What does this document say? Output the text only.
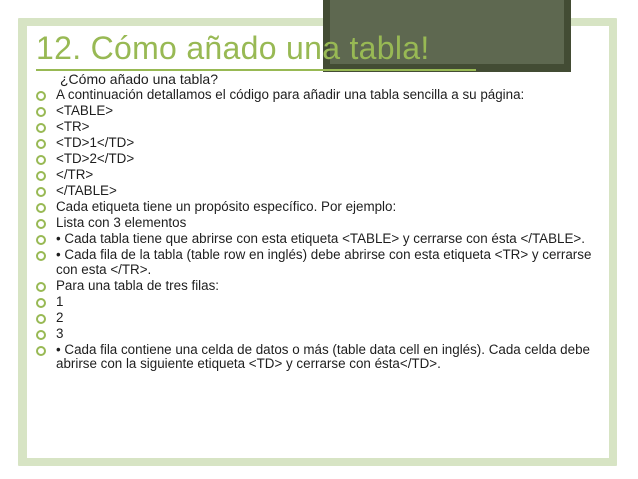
12. Cómo añado una tabla!

¿Cómo añado una tabla?

A continuación detallamos el código para añadir una tabla sencilla a su página:
<TABLE>
<TR>
<TD>1</TD>
<TD>2</TD>
</TR>
</TABLE>
Cada etiqueta tiene un propósito específico. Por ejemplo:
Lista con 3 elementos
• Cada tabla tiene que abrirse con esta etiqueta <TABLE> y cerrarse con ésta </TABLE>.
• Cada fila de la tabla (table row en inglés) debe abrirse con esta etiqueta <TR> y cerrarse con esta </TR>.
Para una tabla de tres filas:
1
2
3
• Cada fila contiene una celda de datos o más (table data cell en inglés). Cada celda debe abrirse con la siguiente etiqueta <TD> y cerrarse con ésta</TD>.
